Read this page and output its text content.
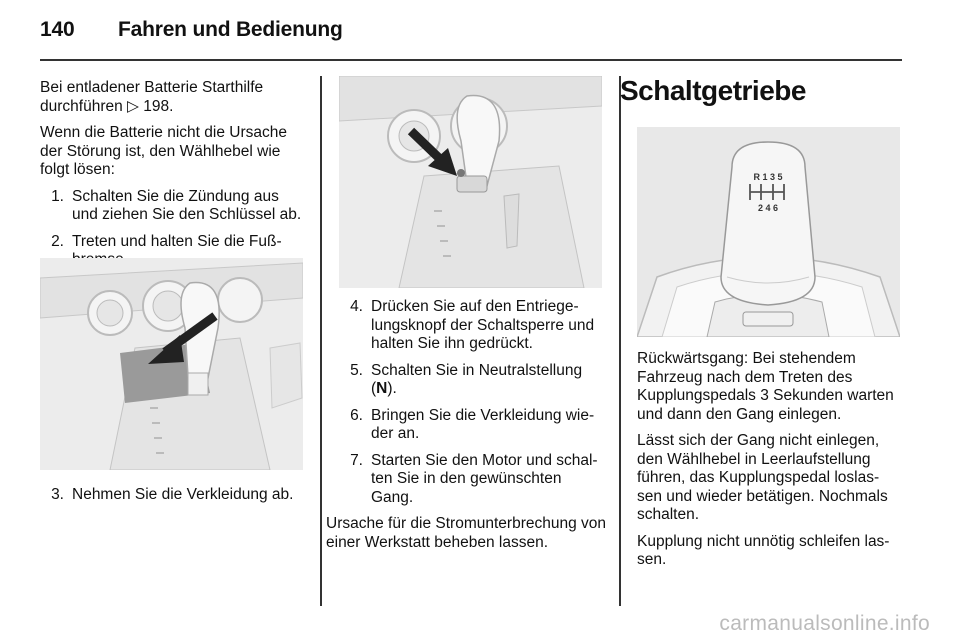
140 Fahren und Bedienung

Bei entladener Batterie Starthilfe durchführen ▷ 198.

Wenn die Batterie nicht die Ursache der Störung ist, den Wählhebel wie folgt lösen:

1. Schalten Sie die Zündung aus und ziehen Sie den Schlüssel ab.
2. Treten und halten Sie die Fuß-
3. Nehmen Sie die Verkleidung ab.
4. Drücken Sie auf den Entriege-lungsknopf der Schaltsperre und halten Sie ihn gedrückt.
5. Schalten Sie in Neutralstellung (N).
6. Bringen Sie die Verkleidung wie-der an.
7. Starten Sie den Motor und schal-ten Sie in den gewünschten Gang.

Ursache für die Stromunterbrechung von einer Werkstatt beheben lassen.

Schaltgetriebe
R 1 3 5
2 4 6

Rückwärtsgang: Bei stehendem Fahrzeug nach dem Treten des Kupplungspedals 3 Sekunden warten und dann den Gang einlegen.

Lässt sich der Gang nicht einlegen, den Wählhebel in Leerlaufstellung führen, das Kupplungspedal loslas-sen und wieder betätigen. Nochmals schalten.

Kupplung nicht unnötig schleifen las-sen.

carmanualsonline.info
